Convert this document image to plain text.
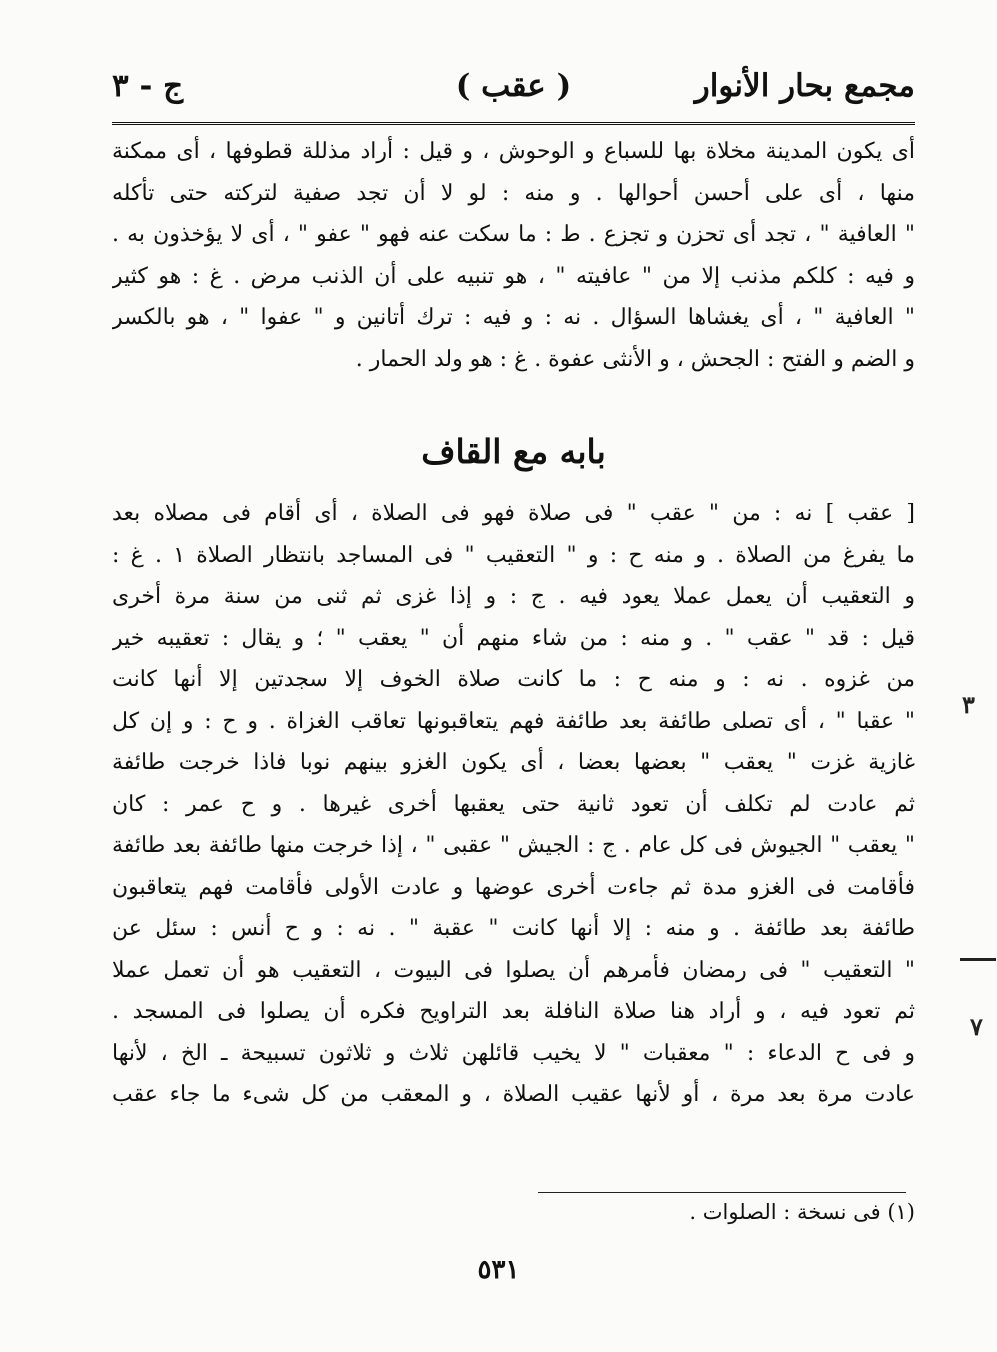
مجمع بحار الأنوار
( عقب )
ج - ٣
أى يكون المدينة مخلاة بها للسباع و الوحوش ، و قيل : أراد مذللة قطوفها ، أى ممكنة
منها ، أى على أحسن أحوالها . و منه : لو لا أن تجد صفية لتركته حتى تأكله
" العافية " ، تجد أى تحزن و تجزع . ط : ما سكت عنه فهو " عفو " ، أى لا يؤخذون به .
و فيه : كلكم مذنب إلا من " عافيته " ، هو تنبيه على أن الذنب مرض . غ : هو كثير
" العافية " ، أى يغشاها السؤال . نه : و فيه : ترك أتانين و " عفوا " ، هو بالكسر
و الضم و الفتح : الجحش ، و الأنثى عفوة . غ : هو ولد الحمار .
بابه مع القاف
[ عقب ] نه : من " عقب " فى صلاة فهو فى الصلاة ، أى أقام فى مصلاه بعد
ما يفرغ من الصلاة . و منه ح : و " التعقيب " فى المساجد بانتظار الصلاة ١ . غ :
و التعقيب أن يعمل عملا يعود فيه . ج : و إذا غزى ثم ثنى من سنة مرة أخرى
قيل : قد " عقب " . و منه : من شاء منهم أن " يعقب " ؛ و يقال : تعقيبه خير
من غزوه . نه : و منه ح : ما كانت صلاة الخوف إلا سجدتين إلا أنها كانت
" عقبا " ، أى تصلى طائفة بعد طائفة فهم يتعاقبونها تعاقب الغزاة . و ح : و إن كل
غازية غزت " يعقب " بعضها بعضا ، أى يكون الغزو بينهم نوبا فاذا خرجت طائفة
ثم عادت لم تكلف أن تعود ثانية حتى يعقبها أخرى غيرها . و ح عمر : كان
" يعقب " الجيوش فى كل عام . ج : الجيش " عقبى " ، إذا خرجت منها طائفة بعد طائفة
فأقامت فى الغزو مدة ثم جاءت أخرى عوضها و عادت الأولى فأقامت فهم يتعاقبون
طائفة بعد طائفة . و منه : إلا أنها كانت " عقبة " . نه : و ح أنس : سئل عن
" التعقيب " فى رمضان فأمرهم أن يصلوا فى البيوت ، التعقيب هو أن تعمل عملا
ثم تعود فيه ، و أراد هنا صلاة النافلة بعد التراويح فكره أن يصلوا فى المسجد .
و فى ح الدعاء : " معقبات " لا يخيب قائلهن ثلاث و ثلاثون تسبيحة ـ الخ ، لأنها
عادت مرة بعد مرة ، أو لأنها عقيب الصلاة ، و المعقب من كل شىء ما جاء عقب
(١) فى نسخة : الصلوات .
٥٣١
٣
٧
